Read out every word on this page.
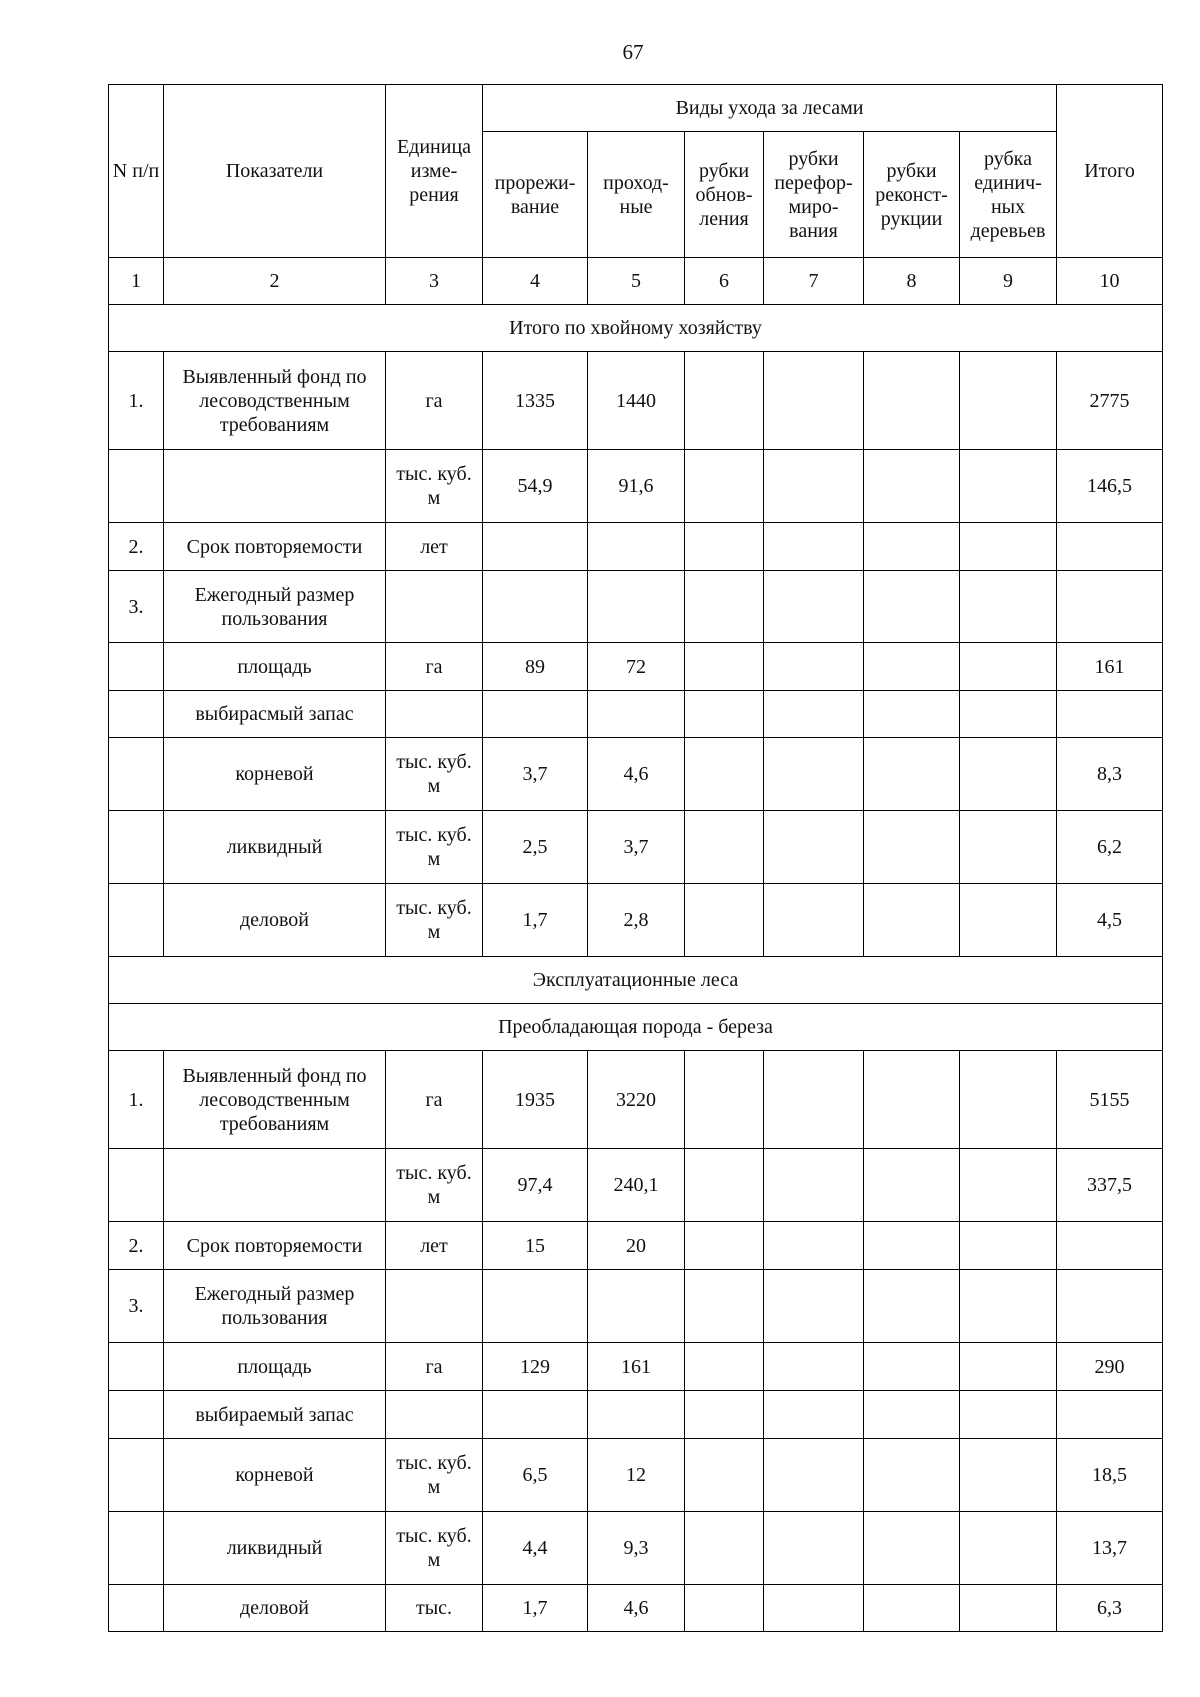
67
N п/п	Показатели	Единица изме-рения	Виды ухода за лесами						Итого
			прорежи-вание	проход-ные	рубки обнов-ления	рубки перефор-миро-вания	рубки реконст-рукции	рубка единич-ных деревьев	
1	2	3	4	5	6	7	8	9	10
Итого по хвойному хозяйству									
1.	Выявленный фонд по лесоводственным требованиям	га	1335	1440					2775
		тыс. куб. м	54,9	91,6					146,5
2.	Срок повторяемости	лет							
3.	Ежегодный размер пользования								
	площадь	га	89	72					161
	выбирасмый запас								
	корневой	тыс. куб. м	3,7	4,6					8,3
	ликвидный	тыс. куб. м	2,5	3,7					6,2
	деловой	тыс. куб. м	1,7	2,8					4,5
Эксплуатационные леса									
Преобладающая порода - береза									
1.	Выявленный фонд по лесоводственным требованиям	га	1935	3220					5155
		тыс. куб. м	97,4	240,1					337,5
2.	Срок повторяемости	лет	15	20					
3.	Ежегодный размер пользования								
	площадь	га	129	161					290
	выбираемый запас								
	корневой	тыс. куб. м	6,5	12					18,5
	ликвидный	тыс. куб. м	4,4	9,3					13,7
	деловой	тыс.	1,7	4,6					6,3
